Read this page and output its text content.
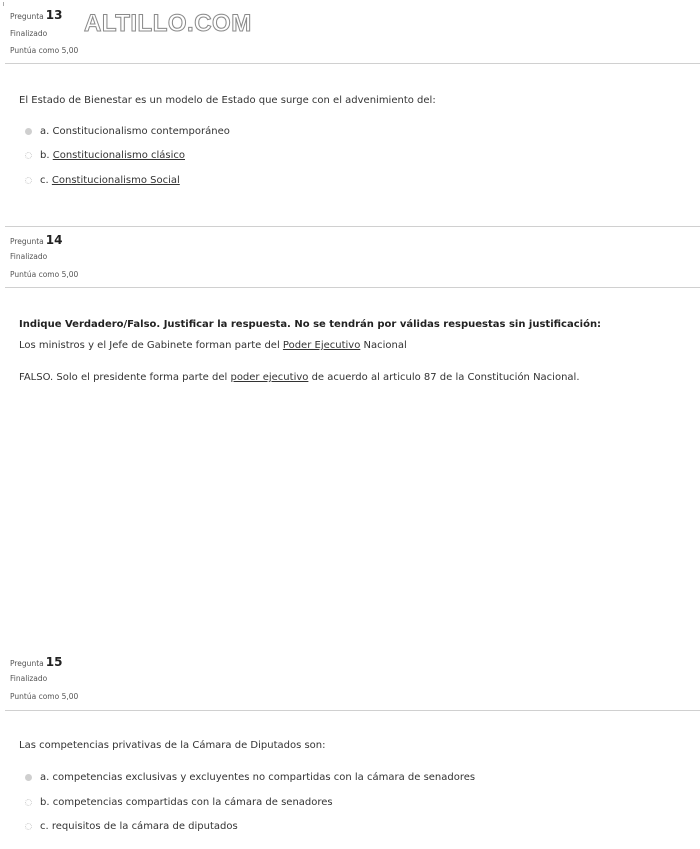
Pregunta 13
Finalizado
Puntúa como 5,00
ALTILLO.COM
El Estado de Bienestar es un modelo de Estado que surge con el advenimiento del:
a.
Constitucionalismo contemporáneo
b.
Constitucionalismo clásico
c.
Constitucionalismo Social
Pregunta 14
Finalizado
Puntúa como 5,00
Indique Verdadero/Falso. Justificar la respuesta. No se tendrán por válidas respuestas sin justificación:
Los ministros y el Jefe de Gabinete forman parte del Poder Ejecutivo Nacional
FALSO. Solo el presidente forma parte del poder ejecutivo de acuerdo al articulo 87 de la Constitución Nacional.
Pregunta 15
Finalizado
Puntúa como 5,00
Las competencias privativas de la Cámara de Diputados son:
a.
competencias exclusivas y excluyentes no compartidas con la cámara de senadores
b.
competencias compartidas con la cámara de senadores
c.
requisitos de la cámara de diputados
